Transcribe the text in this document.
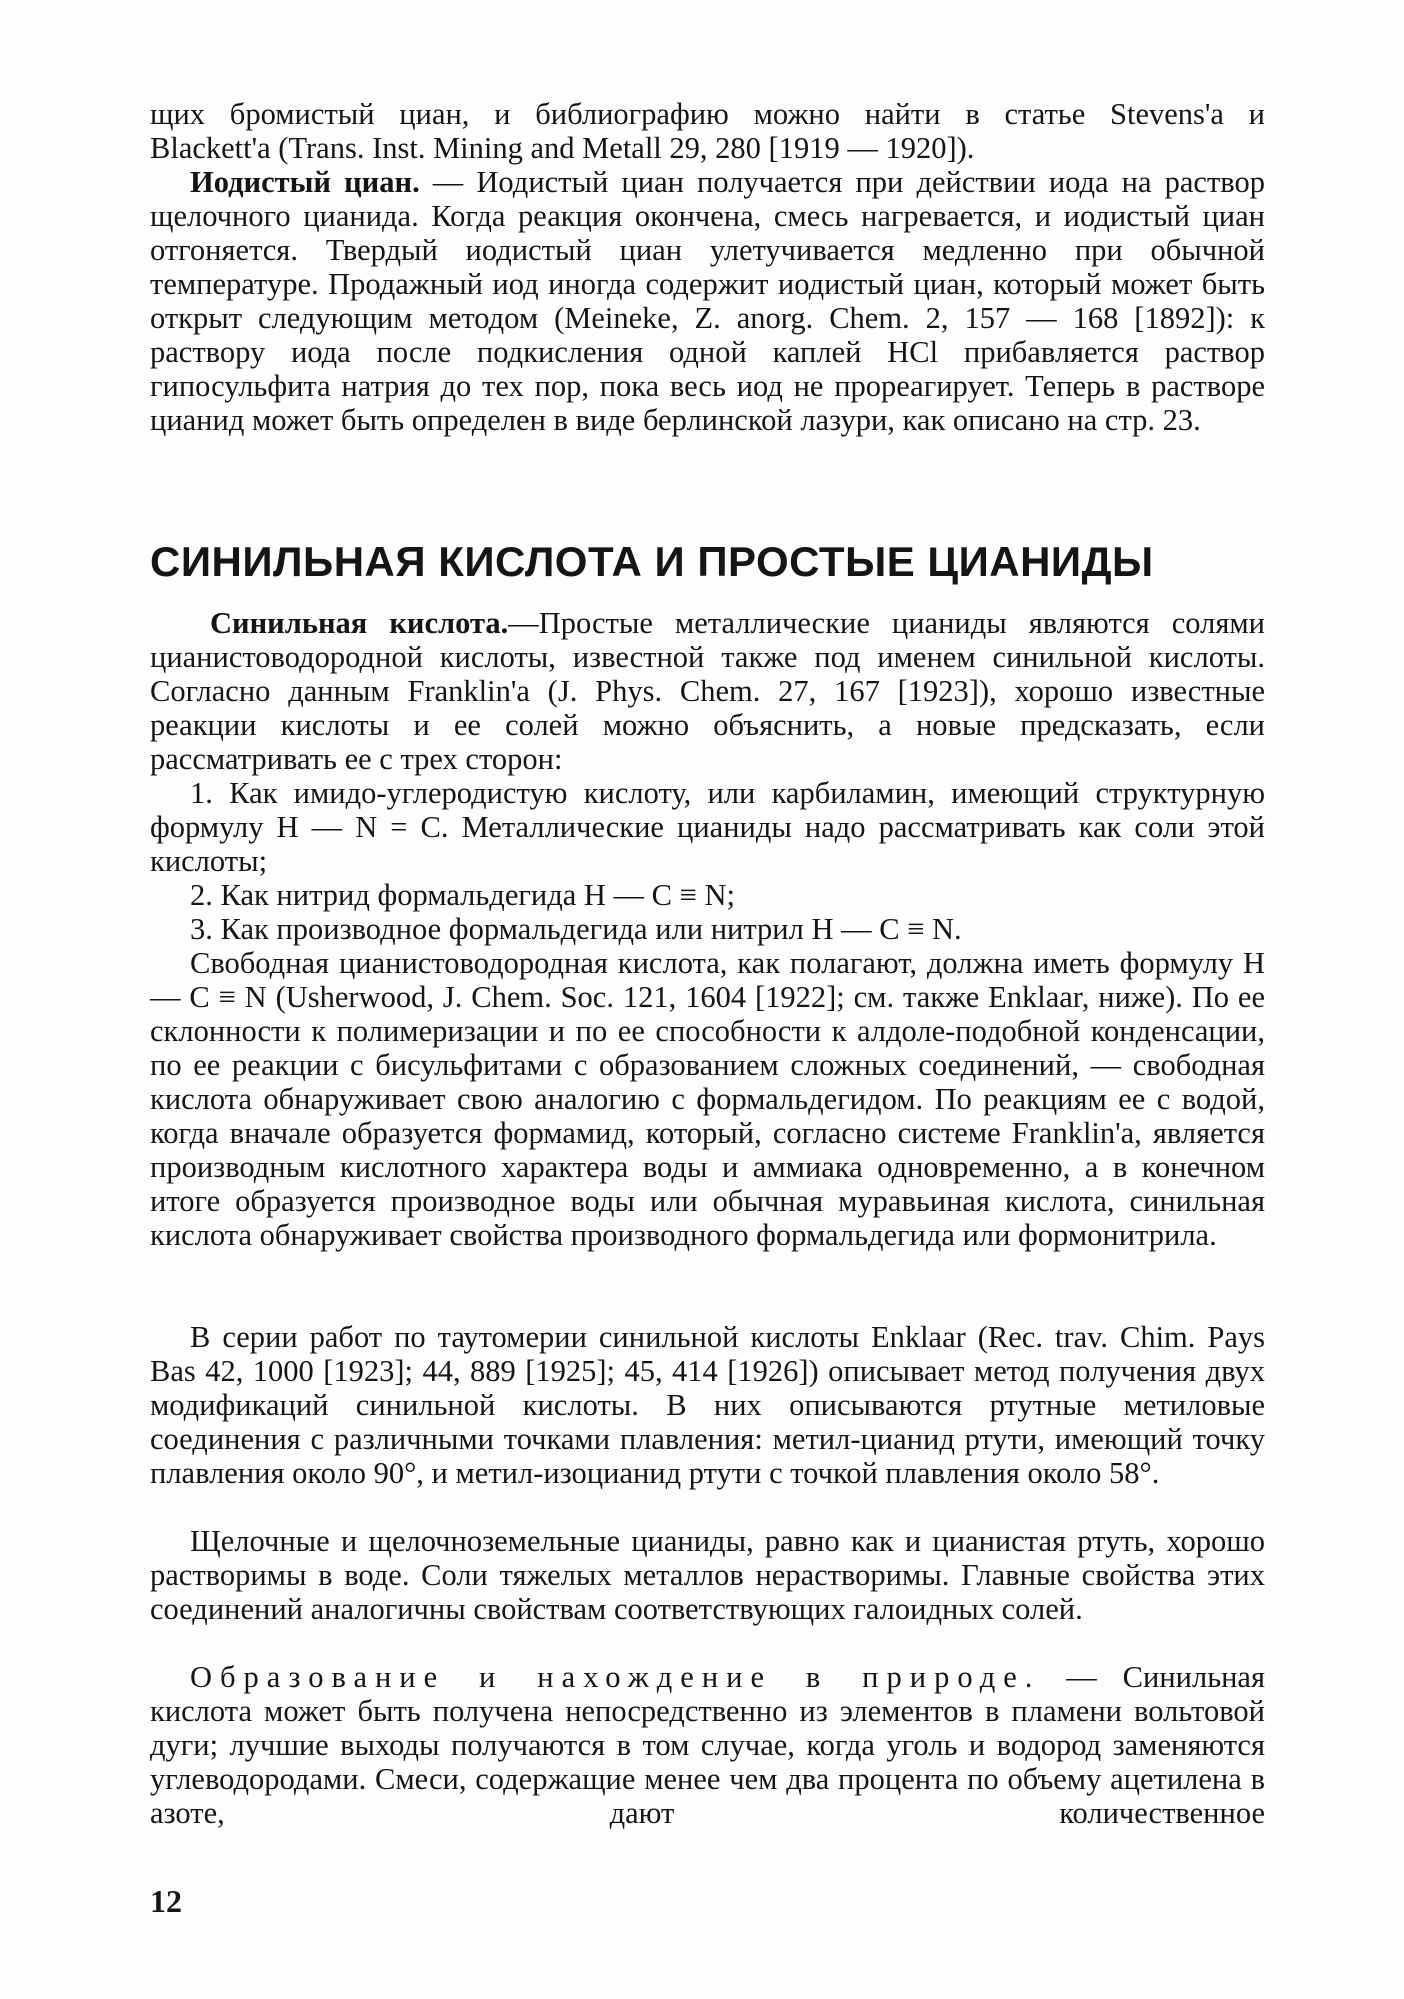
щих бромистый циан, и библиографию можно найти в статье Stevens'a и

Blackett'a (Trans. Inst. Mining and Metall 29, 280 [1919 — 1920]).

Иодистый циан. — Иодистый циан получается при действии иода на раствор щелочного цианида. Когда реакция окончена, смесь нагревается, и иодистый циан отгоняется. Твердый иодистый циан улетучивается медленно при обычной температуре. Продажный иод иногда содержит иодистый циан, который может быть открыт следующим методом (Meineke, Z. anorg. Chem. 2, 157 — 168 [1892]): к раствору иода после подкисления одной каплей HCl прибавляется раствор гипосульфита натрия до тех пор, пока весь иод не прореагирует. Теперь в растворе цианид может быть определен в виде берлинской лазури, как описано на стр. 23.

СИНИЛЬНАЯ КИСЛОТА И ПРОСТЫЕ ЦИАНИДЫ

Синильная кислота.—Простые металлические цианиды являются солями цианистоводородной кислоты, известной также под именем синильной кислоты. Согласно данным Franklin'a (J. Phys. Chem. 27, 167 [1923]), хорошо известные реакции кислоты и ее солей можно объяснить, а новые предсказать, если рассматривать ее с трех сторон:

1. Как имидо-углеродистую кислоту, или карбиламин, имеющий структурную формулу H — N = C. Металлические цианиды надо рассматривать как соли этой кислоты;

2. Как нитрид формальдегида H — C ≡ N;

3. Как производное формальдегида или нитрил H — C ≡ N.

Свободная цианистоводородная кислота, как полагают, должна иметь формулу H — C ≡ N (Usherwood, J. Chem. Soc. 121, 1604 [1922]; см. также Enklaar, ниже). По ее склонности к полимеризации и по ее способности к алдоле-подобной конденсации, по ее реакции с бисульфитами с образованием сложных соединений, — свободная кислота обнаруживает свою аналогию с формальдегидом. По реакциям ее с водой, когда вначале образуется формамид, который, согласно системе Franklin'a, является производным кислотного характера воды и аммиака одновременно, а в конечном итоге образуется производное воды или обычная муравьиная кислота, синильная кислота обнаруживает свойства производного формальдегида или формонитрила.

В серии работ по таутомерии синильной кислоты Enklaar (Rec. trav. Chim. Pays Bas 42, 1000 [1923]; 44, 889 [1925]; 45, 414 [1926]) описывает метод получения двух модификаций синильной кислоты. В них описываются ртутные метиловые соединения с различными точками плавления: метил-цианид ртути, имеющий точку плавления около 90°, и метил-изоцианид ртути с точкой плавления около 58°.

Щелочные и щелочноземельные цианиды, равно как и цианистая ртуть, хорошо растворимы в воде. Соли тяжелых металлов нерастворимы. Главные свойства этих соединений аналогичны свойствам соответствующих галоидных солей.

Образование и нахождение в природе. — Синильная кислота может быть получена непосредственно из элементов в пламени вольтовой дуги; лучшие выходы получаются в том случае, когда уголь и водород заменяются углеводородами. Смеси, содержащие менее чем два процента по объему ацетилена в азоте, дают количественное

12
